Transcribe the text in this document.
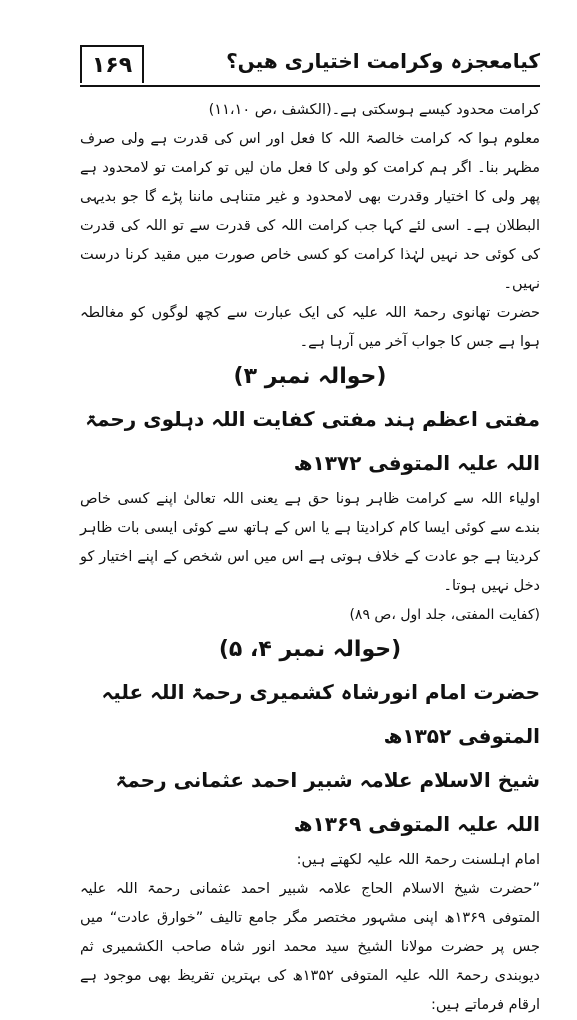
۱۶۹	کیامعجزہ وکرامت اختیاری ھیں؟

کرامت محدود کیسے ہوسکتی ہے۔(الکشف ،ص ۱۱،۱۰)

معلوم ہوا کہ کرامت خالصۃ اللہ کا فعل اور اس کی قدرت ہے ولی صرف مظہر بنا۔ اگر ہم کرامت کو ولی کا فعل مان لیں تو کرامت تو لامحدود ہے پھر ولی کا اختیار وقدرت بھی لامحدود و غیر متناہی ماننا پڑے گا جو بدیہی البطلان ہے۔ اسی لئے کہا جب کرامت اللہ کی قدرت سے تو اللہ کی قدرت کی کوئی حد نہیں لہٰذا کرامت کو کسی خاص صورت میں مقید کرنا درست نہیں۔

حضرت تھانوی رحمۃ اللہ علیہ کی ایک عبارت سے کچھ لوگوں کو مغالطہ ہوا ہے جس کا جواب آخر میں آرہا ہے۔

(حوالہ نمبر ۳)

مفتی اعظم ہند مفتی کفایت اللہ دہلوی رحمۃ اللہ علیہ المتوفی ۱۳۷۲ھ

اولیاء اللہ سے کرامت ظاہر ہونا حق ہے یعنی اللہ تعالیٰ اپنے کسی خاص بندے سے کوئی ایسا کام کرادیتا ہے یا اس کے ہاتھ سے کوئی ایسی بات ظاہر کردیتا ہے جو عادت کے خلاف ہوتی ہے اس میں اس شخص کے اپنے اختیار کو دخل نہیں ہوتا۔

(کفایت المفتی، جلد اول ،ص ۸۹)

(حوالہ نمبر ۴، ۵)

حضرت امام انورشاہ کشمیری رحمۃ اللہ علیہ المتوفی ۱۳۵۲ھ

شیخ الاسلام علامہ شبیر احمد عثمانی رحمۃ اللہ علیہ المتوفی ۱۳۶۹ھ

امام اہلسنت رحمۃ اللہ علیہ لکھتے ہیں:

”حضرت شیخ الاسلام الحاج علامہ شبیر احمد عثمانی رحمۃ اللہ علیہ المتوفی ۱۳۶۹ھ اپنی مشہور مختصر مگر جامع تالیف ”خوارق عادت“ میں جس پر حضرت مولانا الشیخ سید محمد انور شاہ صاحب الکشمیری ثم دیوبندی رحمۃ اللہ علیہ المتوفی ۱۳۵۲ھ کی بہترین تقریظ بھی موجود ہے ارقام فرماتے ہیں:
